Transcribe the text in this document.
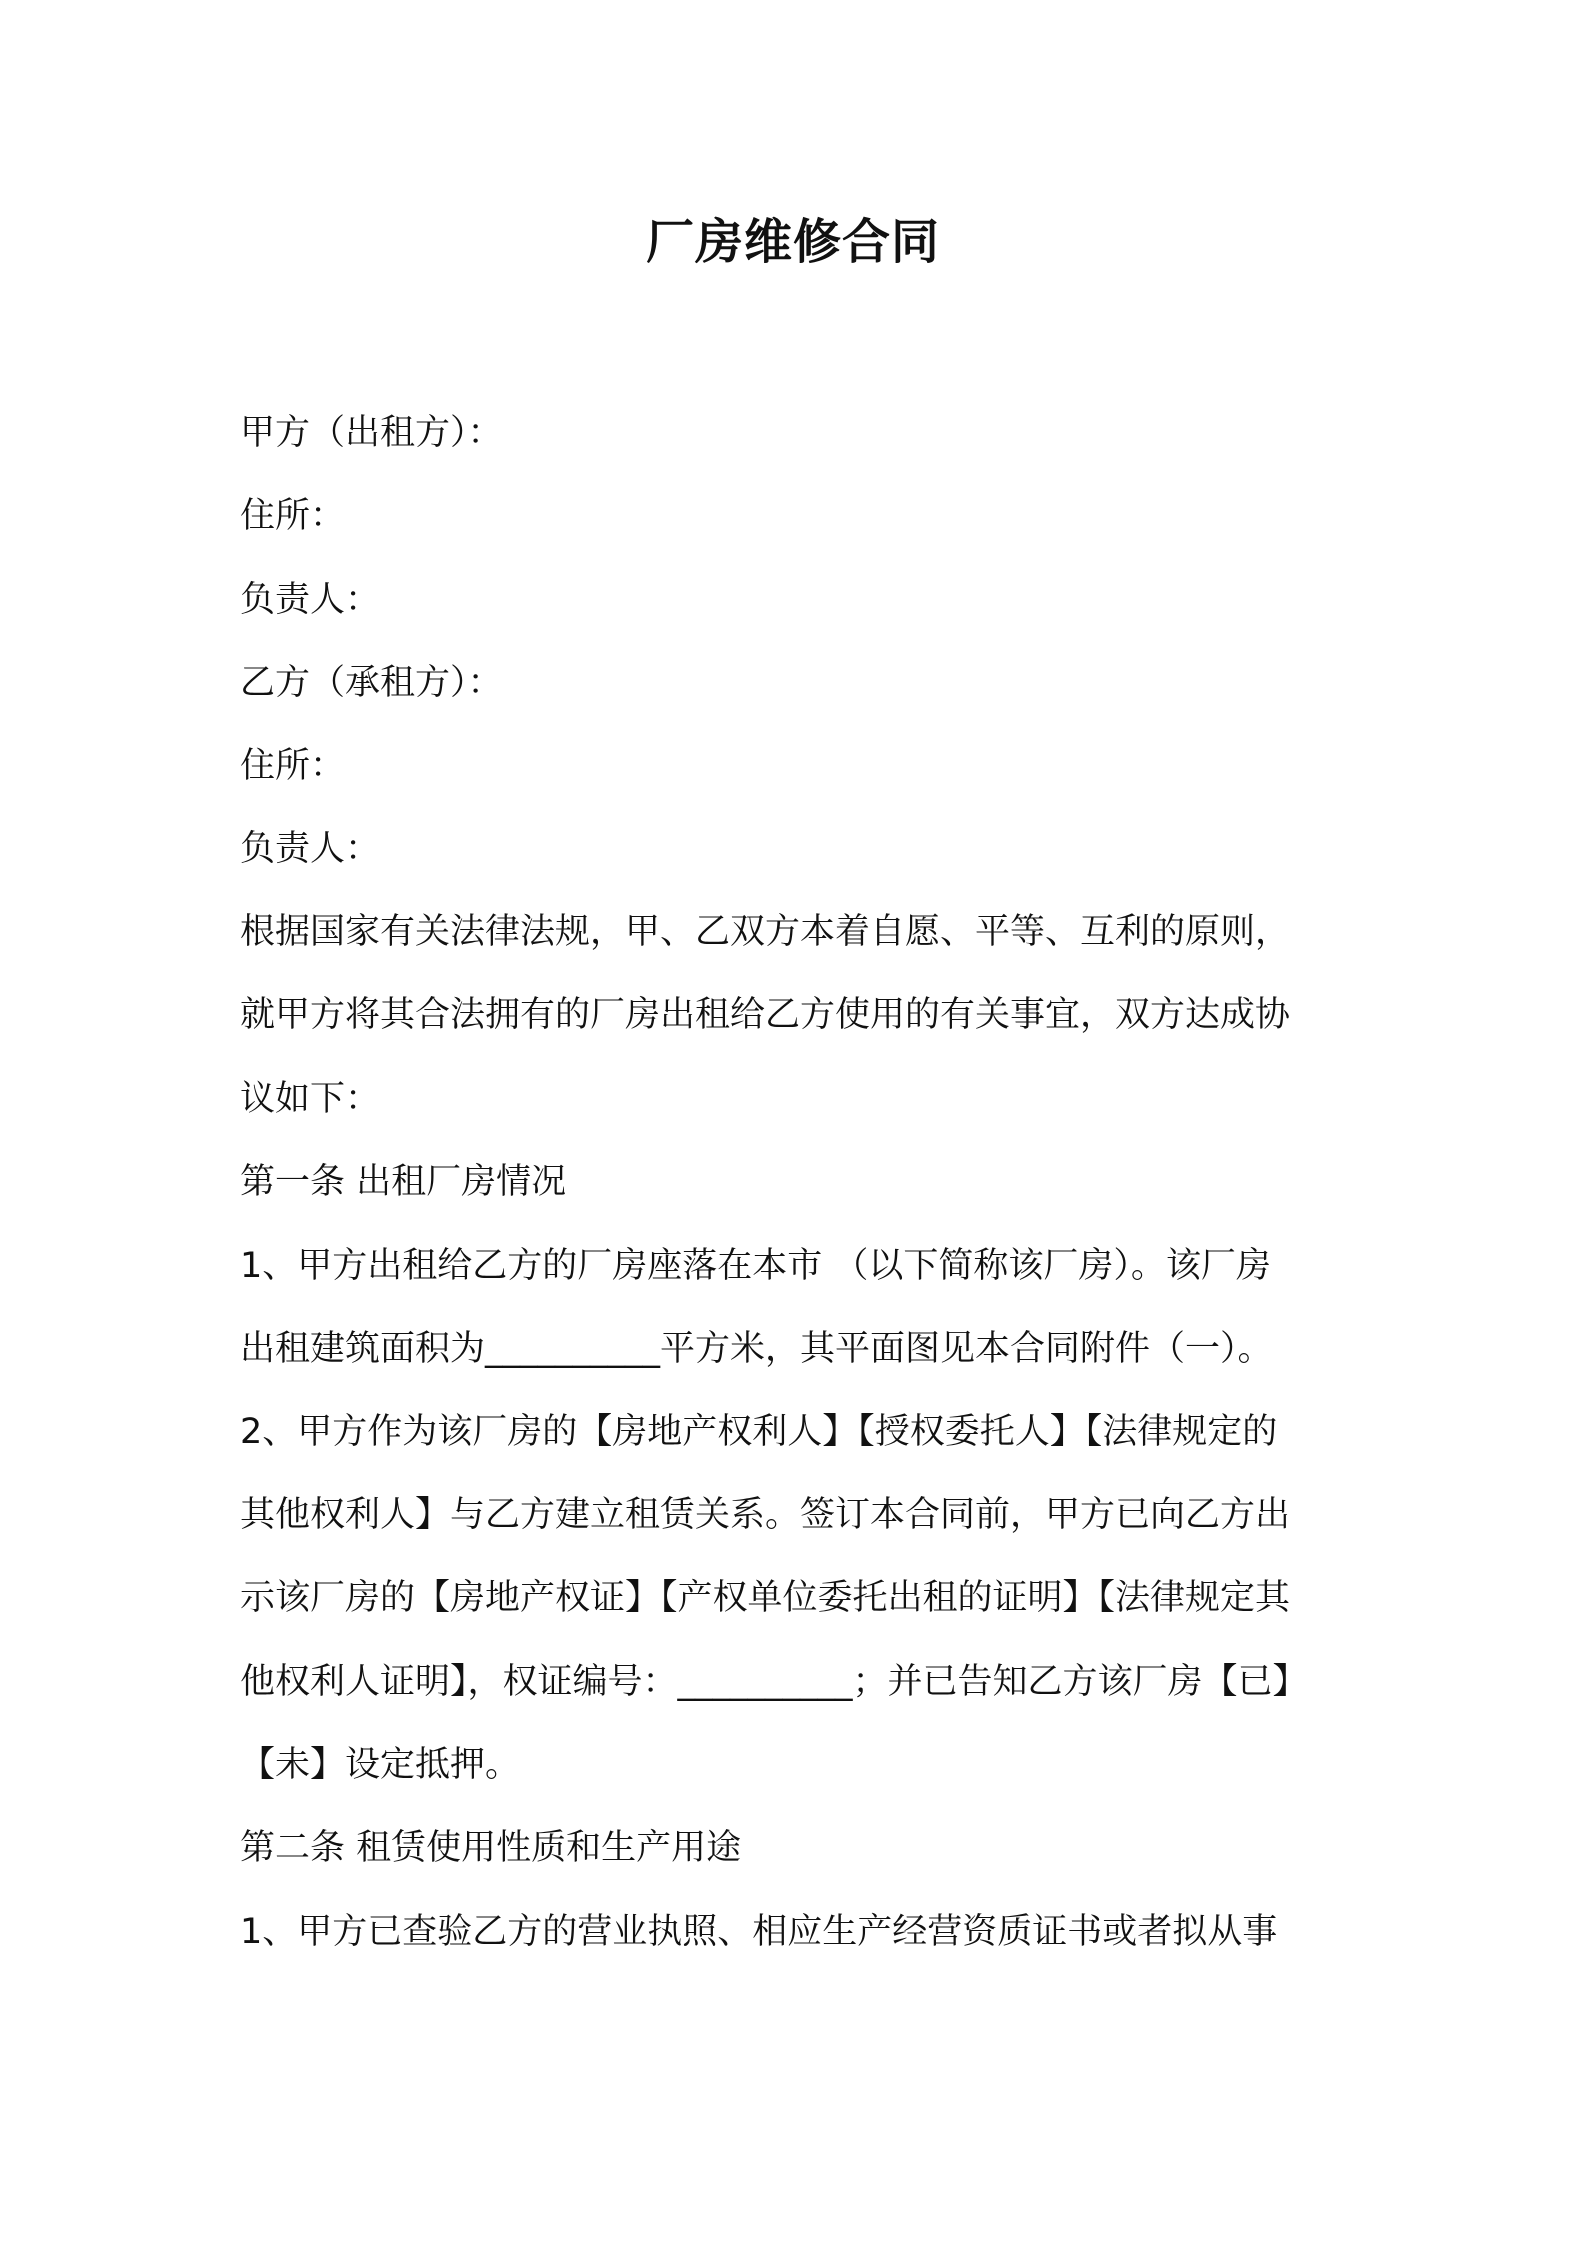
厂房维修合同
甲方（出租方）：
住所：
负责人：
乙方（承租方）：
住所：
负责人：
根据国家有关法律法规，甲、乙双方本着自愿、平等、互利的原则，
就甲方将其合法拥有的厂房出租给乙方使用的有关事宜，双方达成协
议如下：
第一条 出租厂房情况
1、甲方出租给乙方的厂房座落在本市 （以下简称该厂房）。该厂房
出租建筑面积为__________平方米，其平面图见本合同附件（一）。
2、甲方作为该厂房的【房地产权利人】【授权委托人】【法律规定的
其他权利人】与乙方建立租赁关系。签订本合同前，甲方已向乙方出
示该厂房的【房地产权证】【产权单位委托出租的证明】【法律规定其
他权利人证明】，权证编号：__________；并已告知乙方该厂房【已】
【未】设定抵押。
第二条 租赁使用性质和生产用途
1、甲方已查验乙方的营业执照、相应生产经营资质证书或者拟从事
